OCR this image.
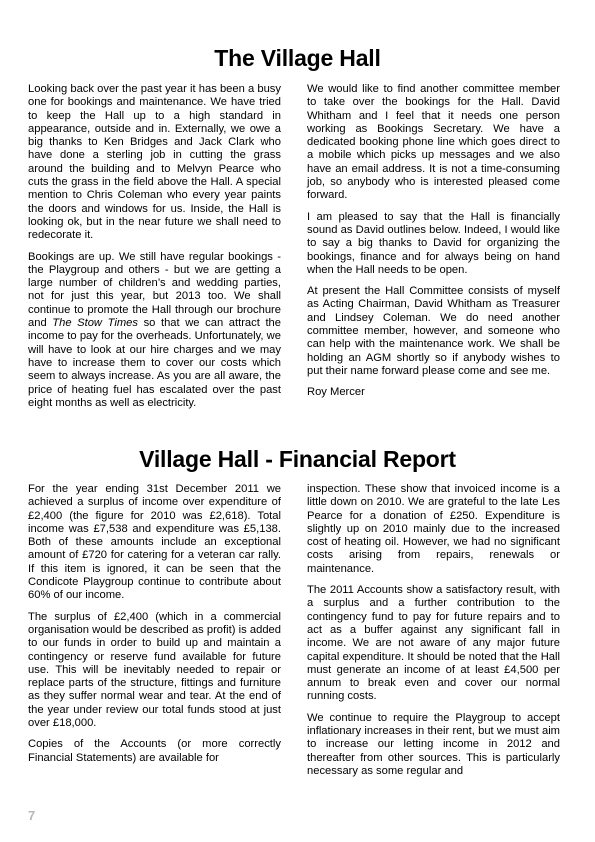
The Village Hall

Looking back over the past year it has been a busy one for bookings and maintenance. We have tried to keep the Hall up to a high standard in appearance, outside and in. Externally, we owe a big thanks to Ken Bridges and Jack Clark who have done a sterling job in cutting the grass around the building and to Melvyn Pearce who cuts the grass in the field above the Hall. A special mention to Chris Coleman who every year paints the doors and windows for us. Inside, the Hall is looking ok, but in the near future we shall need to redecorate it.

Bookings are up. We still have regular bookings - the Playgroup and others - but we are getting a large number of children’s and wedding parties, not for just this year, but 2013 too. We shall continue to promote the Hall through our brochure and The Stow Times so that we can attract the income to pay for the overheads. Unfortunately, we will have to look at our hire charges and we may have to increase them to cover our costs which seem to always increase. As you are all aware, the price of heating fuel has escalated over the past eight months as well as electricity.

We would like to find another committee member to take over the bookings for the Hall. David Whitham and I feel that it needs one person working as Bookings Secretary. We have a dedicated booking phone line which goes direct to a mobile which picks up messages and we also have an email address. It is not a time-consuming job, so anybody who is interested pleased come forward.

I am pleased to say that the Hall is financially sound as David outlines below. Indeed, I would like to say a big thanks to David for organizing the bookings, finance and for always being on hand when the Hall needs to be open.

At present the Hall Committee consists of myself as Acting Chairman, David Whitham as Treasurer and Lindsey Coleman. We do need another committee member, however, and someone who can help with the maintenance work. We shall be holding an AGM shortly so if anybody wishes to put their name forward please come and see me.

Roy Mercer

Village Hall - Financial Report

For the year ending 31st December 2011 we achieved a surplus of income over expenditure of £2,400 (the figure for 2010 was £2,618). Total income was £7,538 and expenditure was £5,138. Both of these amounts include an exceptional amount of £720 for catering for a veteran car rally. If this item is ignored, it can be seen that the Condicote Playgroup continue to contribute about 60% of our income.

The surplus of £2,400 (which in a commercial organisation would be described as profit) is added to our funds in order to build up and maintain a contingency or reserve fund available for future use. This will be inevitably needed to repair or replace parts of the structure, fittings and furniture as they suffer normal wear and tear. At the end of the year under review our total funds stood at just over £18,000.

Copies of the Accounts (or more correctly Financial Statements) are available for

inspection. These show that invoiced income is a little down on 2010. We are grateful to the late Les Pearce for a donation of £250. Expenditure is slightly up on 2010 mainly due to the increased cost of heating oil. However, we had no significant costs arising from repairs, renewals or maintenance.

The 2011 Accounts show a satisfactory result, with a surplus and a further contribution to the contingency fund to pay for future repairs and to act as a buffer against any significant fall in income. We are not aware of any major future capital expenditure. It should be noted that the Hall must generate an income of at least £4,500 per annum to break even and cover our normal running costs.

We continue to require the Playgroup to accept inflationary increases in their rent, but we must aim to increase our letting income in 2012 and thereafter from other sources. This is particularly necessary as some regular and

7
